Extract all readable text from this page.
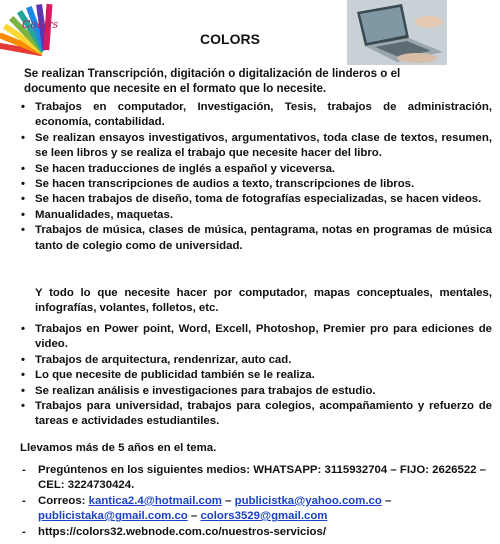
Colors
COLORS
Se realizan Transcripción, digitación o digitalización de linderos o el documento que necesite en el formato que lo necesite.
• Trabajos en computador, Investigación, Tesis, trabajos de administración, economía, contabilidad.
• Se realizan ensayos investigativos, argumentativos, toda clase de textos, resumen, se leen libros y se realiza el trabajo que necesite hacer del libro.
• Se hacen traducciones de inglés a español y viceversa.
• Se hacen transcripciones de audios a texto, transcripciones de libros.
• Se hacen trabajos de diseño, toma de fotografías especializadas, se hacen videos.
• Manualidades, maquetas.
• Trabajos de música, clases de música, pentagrama, notas en programas de música tanto de colegio como de universidad.
Y todo lo que necesite hacer por computador, mapas conceptuales, mentales, infografías, volantes, folletos, etc.
• Trabajos en Power point, Word, Excell, Photoshop, Premier pro para ediciones de video.
• Trabajos de arquitectura, rendenrizar, auto cad.
• Lo que necesite de publicidad también se le realiza.
• Se realizan análisis e investigaciones para trabajos de estudio.
• Trabajos para universidad, trabajos para colegios, acompañamiento y refuerzo de tareas e actividades estudiantiles.
Llevamos más de 5 años en el tema.
- Pregúntenos en los siguientes medios: WHATSAPP: 3115932704 – FIJO: 2626522 – CEL: 3224730424.
- Correos: kantica2.4@hotmail.com – publicistka@yahoo.com.co – publicistaka@gmail.com.co – colors3529@gmail.com
- https://colors32.webnode.com.co/nuestros-servicios/
